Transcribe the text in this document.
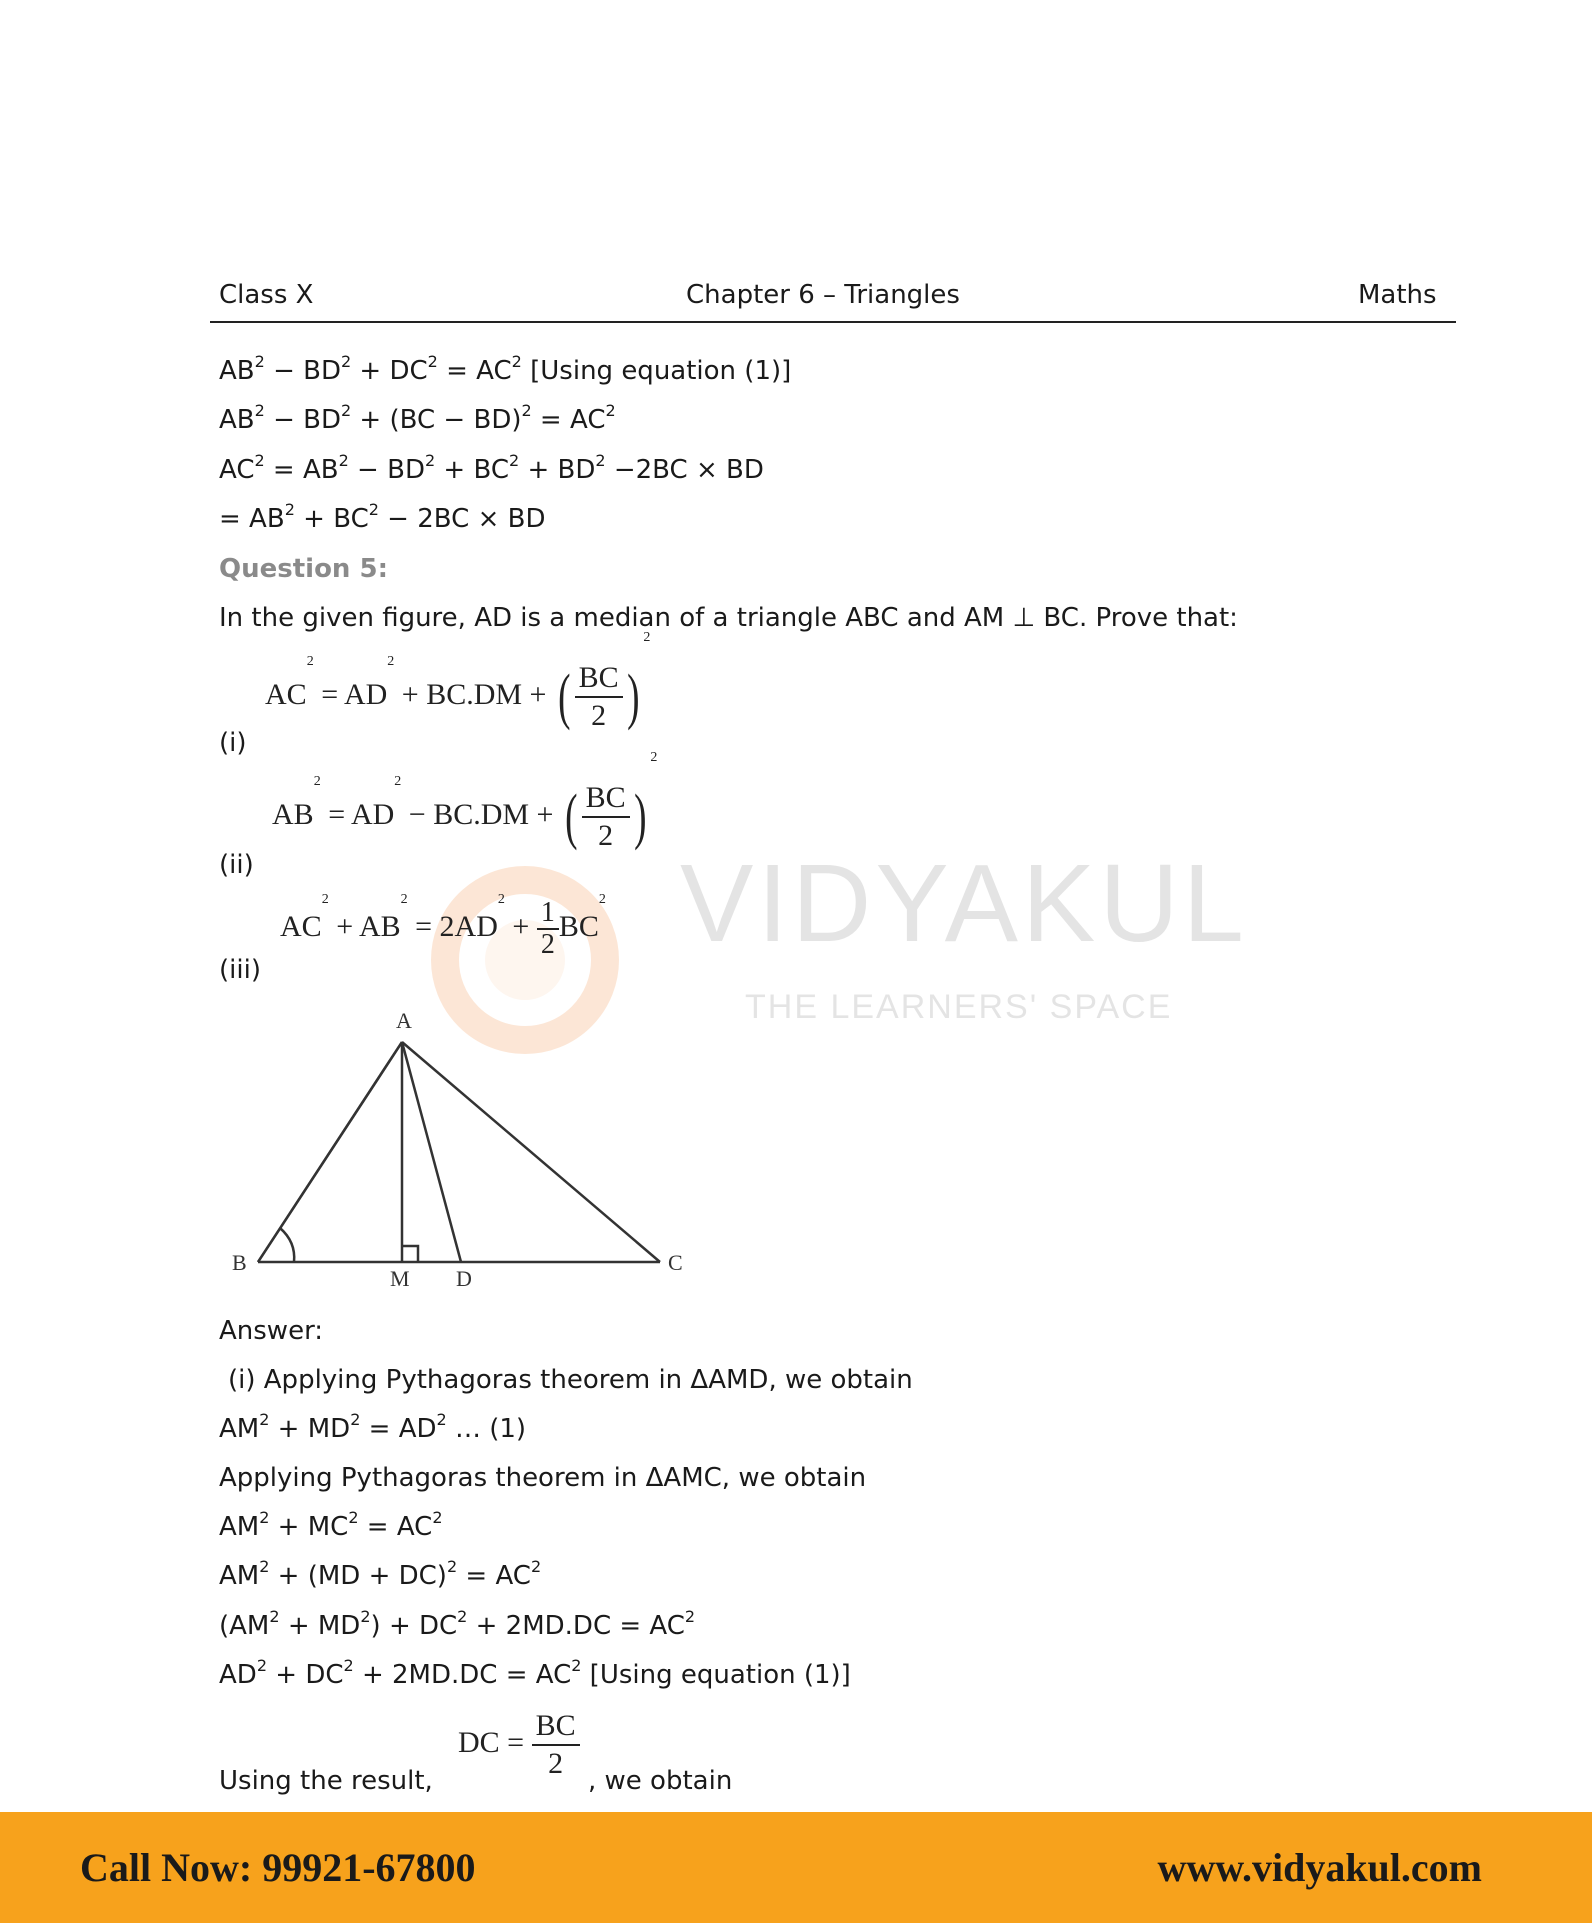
Class X	Chapter 6 – Triangles	Maths
VIDYAKUL
THE LEARNERS' SPACE
$AB^2 - BD^2 + DC^2 = AC^2$ [Using equation (1)]
$AB^2 - BD^2 + (BC - BD)^2 = AC^2$
$AC^2 = AB^2 - BD^2 + BC^2 + BD^2 -2BC$ × BD
= $AB^2 + BC^2 - 2BC$ × BD
Question 5:
In the given figure, AD is a median of a triangle ABC and AM ⊥ BC. Prove that:
$AC^2 = AD^2 + BC.DM$ + ( $\frac{BC}{2} )^2$
(i)
$AB^2 = AD^2 - BC.DM$ + ( $\frac{BC}{2} )^2$
(ii)
$AC^2 + AB^2 = 2AD^2 + \frac{1}{2} BC^2$
(iii)
A
B	C
M D
Answer:
(i) Applying Pythagoras theorem in ΔAMD, we obtain
$AM^2 + MD^2 = AD^2$ … (1)
Applying Pythagoras theorem in ΔAMC, we obtain
$AM^2 + MC^2 = AC^2$
$AM^2 + (MD + DC)^2 = AC^2$
$(AM^2 + MD^2) + DC^2 + 2MD.DC = AC^2$
$AD^2 + DC^2 + 2MD.DC = AC^2$ [Using equation (1)]
Using the result,
DC = $\frac{BC}{2}$ , we obtain
Call Now: 99921-67800	www.vidyakul.com
